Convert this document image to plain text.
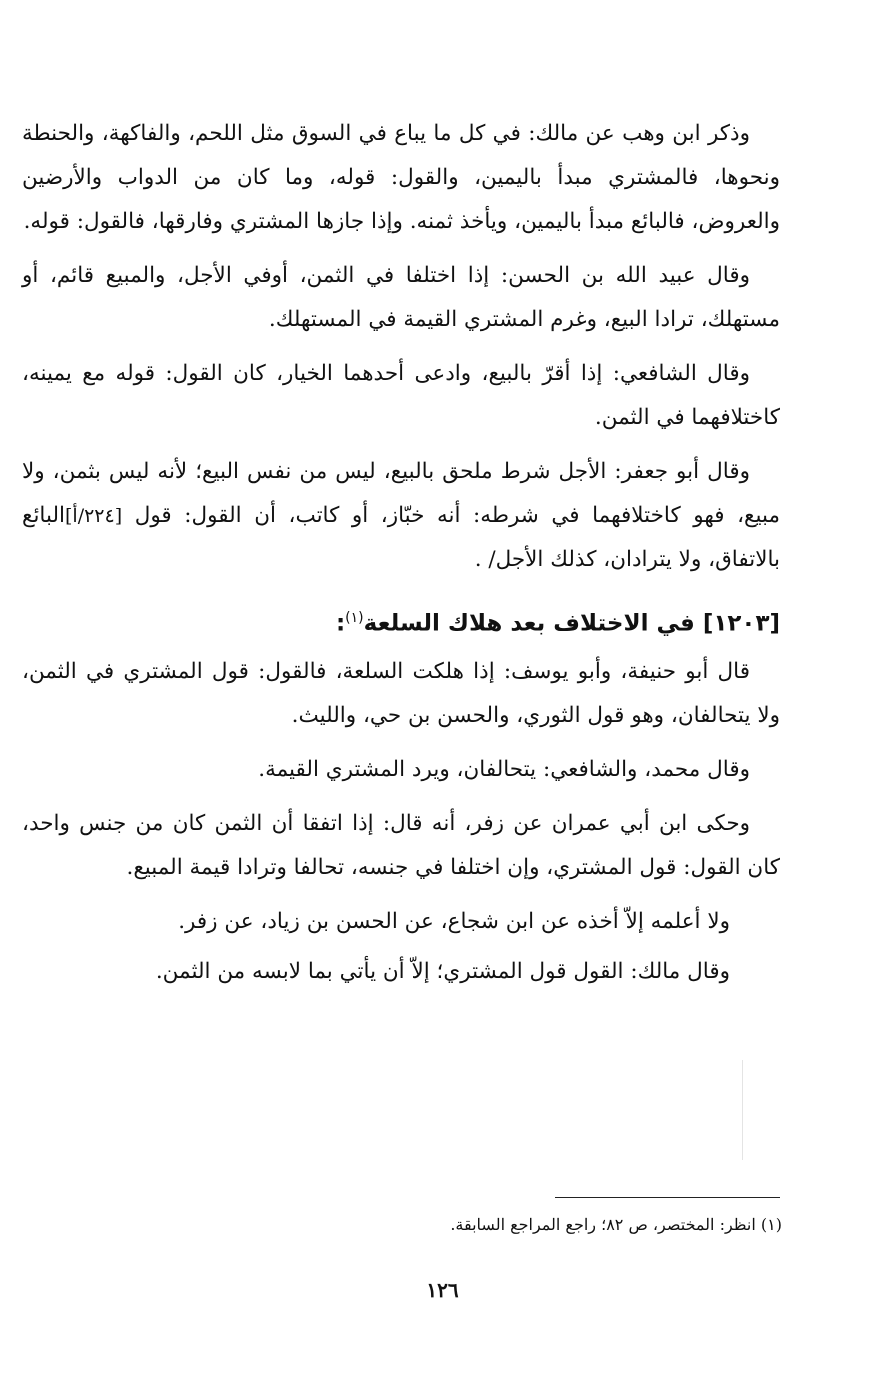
وذكر ابن وهب عن مالك: في كل ما يباع في السوق مثل اللحم، والفاكهة، والحنطة ونحوها، فالمشتري مبدأ باليمين، والقول: قوله، وما كان من الدواب والأرضين والعروض، فالبائع مبدأ باليمين، ويأخذ ثمنه. وإذا جازها المشتري وفارقها، فالقول: قوله.

وقال عبيد الله بن الحسن: إذا اختلفا في الثمن، أوفي الأجل، والمبيع قائم، أو مستهلك، ترادا البيع، وغرم المشتري القيمة في المستهلك.

وقال الشافعي: إذا أقرّ بالبيع، وادعى أحدهما الخيار، كان القول: قوله مع يمينه، كاختلافهما في الثمن.

وقال أبو جعفر: الأجل شرط ملحق بالبيع، ليس من نفس البيع؛ لأنه ليس بثمن، ولا مبيع، فهو كاختلافهما في شرطه: أنه خبّاز، أو كاتب، أن القول: قول [٢٢٤/أ]البائع بالاتفاق، ولا يترادان، كذلك الأجل/ .

[١٢٠٣] في الاختلاف بعد هلاك السلعة$^{(١)}$:

قال أبو حنيفة، وأبو يوسف: إذا هلكت السلعة، فالقول: قول المشتري في الثمن، ولا يتحالفان، وهو قول الثوري، والحسن بن حي، والليث.

وقال محمد، والشافعي: يتحالفان، ويرد المشتري القيمة.

وحكى ابن أبي عمران عن زفر، أنه قال: إذا اتفقا أن الثمن كان من جنس واحد، كان القول: قول المشتري، وإن اختلفا في جنسه، تحالفا وترادا قيمة المبيع.

ولا أعلمه إلاّ أخذه عن ابن شجاع، عن الحسن بن زياد، عن زفر.

وقال مالك: القول قول المشتري؛ إلاّ أن يأتي بما لابسه من الثمن.

(١) انظر: المختصر، ص ٨٢؛ راجع المراجع السابقة.
١٢٦
